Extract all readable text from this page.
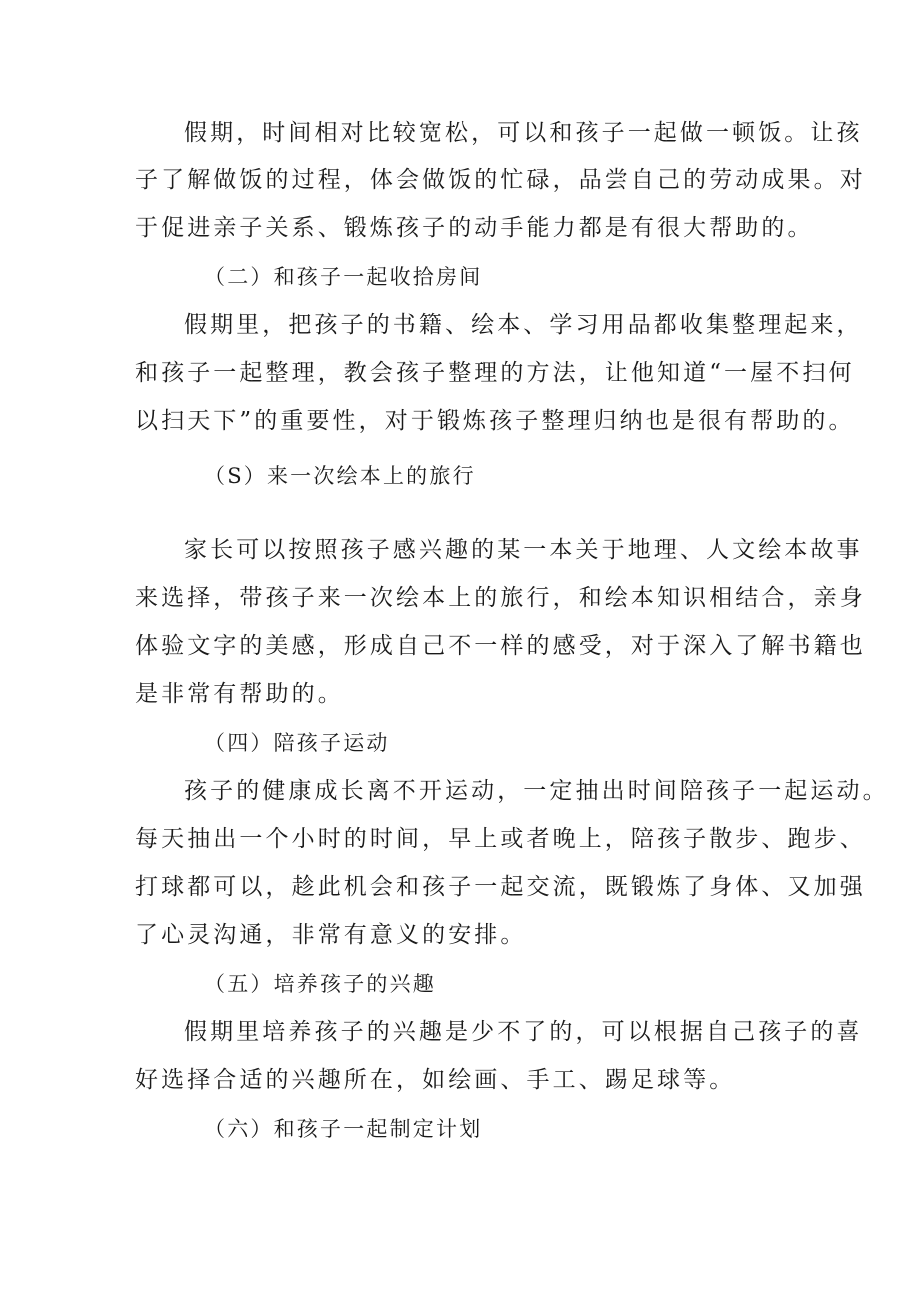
假期，时间相对比较宽松，可以和孩子一起做一顿饭。让孩

子了解做饭的过程，体会做饭的忙碌，品尝自己的劳动成果。对

于促进亲子关系、锻炼孩子的动手能力都是有很大帮助的。

（二）和孩子一起收拾房间

假期里，把孩子的书籍、绘本、学习用品都收集整理起来，

和孩子一起整理，教会孩子整理的方法，让他知道“一屋不扫何

以扫天下”的重要性，对于锻炼孩子整理归纳也是很有帮助的。

（S）来一次绘本上的旅行

家长可以按照孩子感兴趣的某一本关于地理、人文绘本故事

来选择，带孩子来一次绘本上的旅行，和绘本知识相结合，亲身

体验文字的美感，形成自己不一样的感受，对于深入了解书籍也

是非常有帮助的。

（四）陪孩子运动

孩子的健康成长离不开运动，一定抽出时间陪孩子一起运动。

每天抽出一个小时的时间，早上或者晚上，陪孩子散步、跑步、

打球都可以，趁此机会和孩子一起交流，既锻炼了身体、又加强

了心灵沟通，非常有意义的安排。

（五）培养孩子的兴趣

假期里培养孩子的兴趣是少不了的，可以根据自己孩子的喜

好选择合适的兴趣所在，如绘画、手工、踢足球等。

（六）和孩子一起制定计划
